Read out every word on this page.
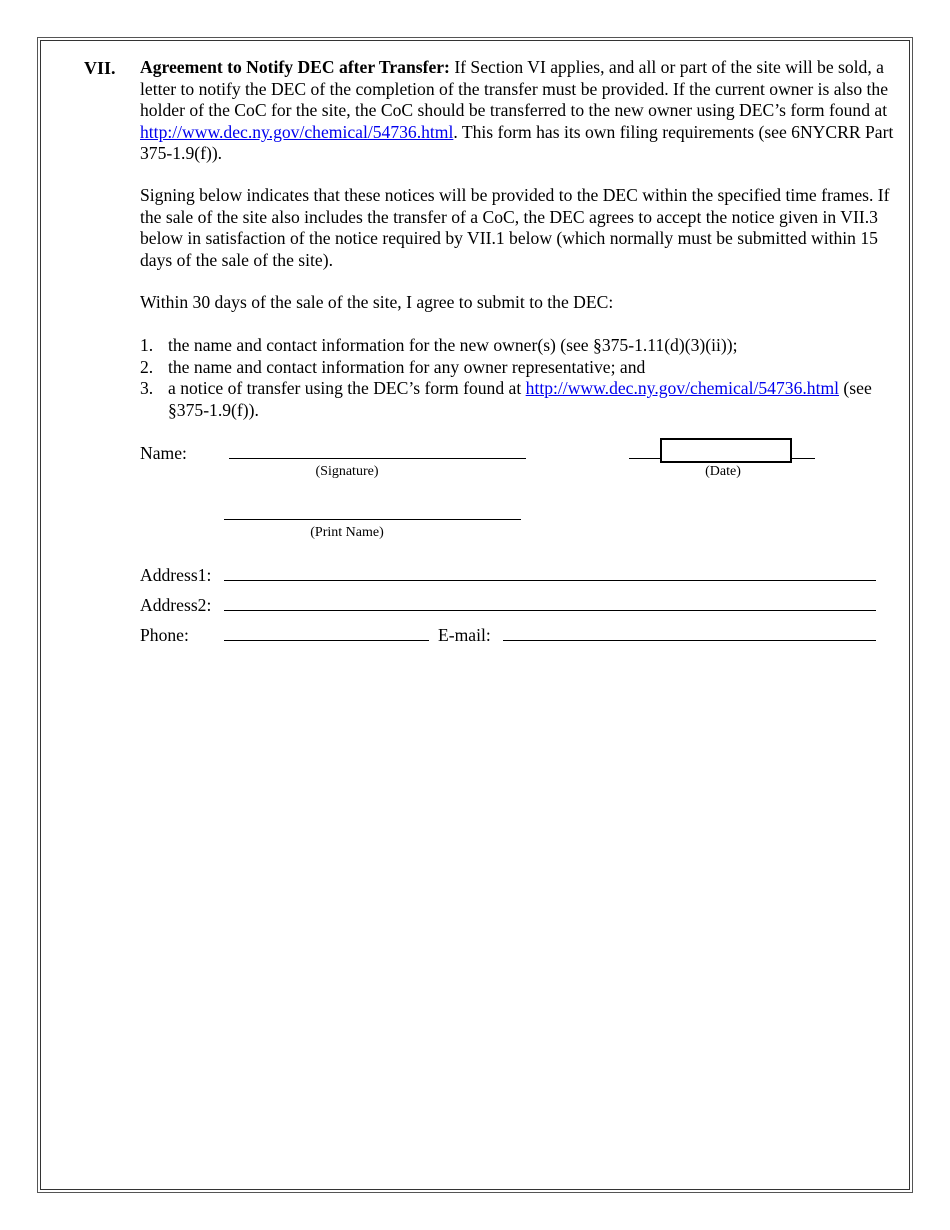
VII. Agreement to Notify DEC after Transfer: If Section VI applies, and all or part of the site will be sold, a letter to notify the DEC of the completion of the transfer must be provided. If the current owner is also the holder of the CoC for the site, the CoC should be transferred to the new owner using DEC’s form found at http://www.dec.ny.gov/chemical/54736.html. This form has its own filing requirements (see 6NYCRR Part 375-1.9(f)).
Signing below indicates that these notices will be provided to the DEC within the specified time frames. If the sale of the site also includes the transfer of a CoC, the DEC agrees to accept the notice given in VII.3 below in satisfaction of the notice required by VII.1 below (which normally must be submitted within 15 days of the sale of the site).
Within 30 days of the sale of the site, I agree to submit to the DEC:
1. the name and contact information for the new owner(s) (see §375-1.11(d)(3)(ii));
2. the name and contact information for any owner representative; and
3. a notice of transfer using the DEC’s form found at http://www.dec.ny.gov/chemical/54736.html (see §375-1.9(f)).
Name:
(Signature)	(Date)
(Print Name)
Address1:
Address2:
Phone:	E-mail:
